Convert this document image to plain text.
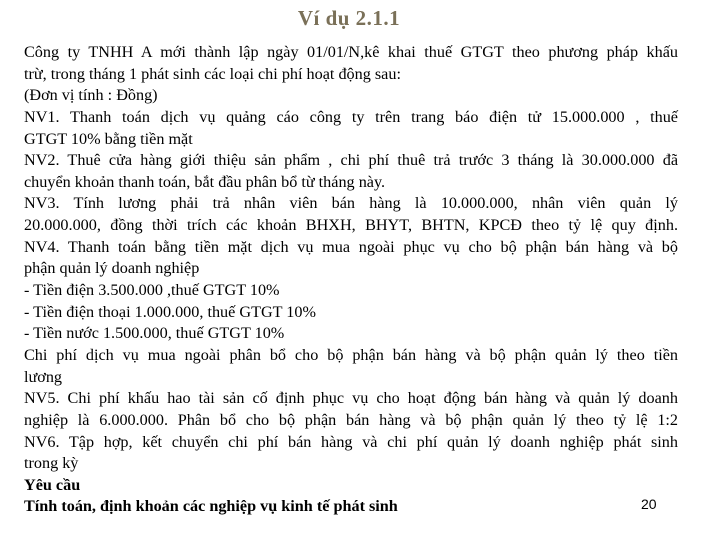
Ví dụ 2.1.1
Công ty TNHH A mới thành lập ngày 01/01/N,kê khai thuế GTGT theo phương pháp khấu
trừ, trong tháng 1 phát sinh các loại chi phí hoạt động sau:
(Đơn vị tính : Đồng)
NV1. Thanh toán dịch vụ quảng cáo công ty trên trang báo điện tử 15.000.000 , thuế
GTGT 10% bằng tiền mặt
NV2. Thuê cửa hàng giới thiệu sản phẩm , chi phí thuê trả trước 3 tháng là 30.000.000 đã
chuyển khoản thanh toán, bắt đầu phân bổ từ tháng này.
NV3. Tính lương phải trả nhân viên bán hàng là 10.000.000, nhân viên quản lý
20.000.000, đồng thời trích các khoản BHXH, BHYT, BHTN, KPCĐ theo tỷ lệ quy định.
NV4. Thanh toán bằng tiền mặt dịch vụ mua ngoài phục vụ cho bộ phận bán hàng và bộ
phận quản lý doanh nghiệp
- Tiền điện 3.500.000 ,thuế GTGT 10%
- Tiền điện thoại 1.000.000, thuế GTGT 10%
- Tiền nước 1.500.000, thuế GTGT 10%
Chi phí dịch vụ mua ngoài phân bổ cho bộ phận bán hàng và bộ phận quản lý theo tiền
lương
NV5. Chi phí khấu hao tài sản cố định phục vụ cho hoạt động bán hàng và quản lý doanh
nghiệp là 6.000.000. Phân bổ cho bộ phận bán hàng và bộ phận quản lý theo tỷ lệ 1:2
NV6. Tập hợp, kết chuyển chi phí bán hàng và chi phí quản lý doanh nghiệp phát sinh
trong kỳ
Yêu cầu
Tính toán, định khoản các nghiệp vụ kinh tế phát sinh	20
